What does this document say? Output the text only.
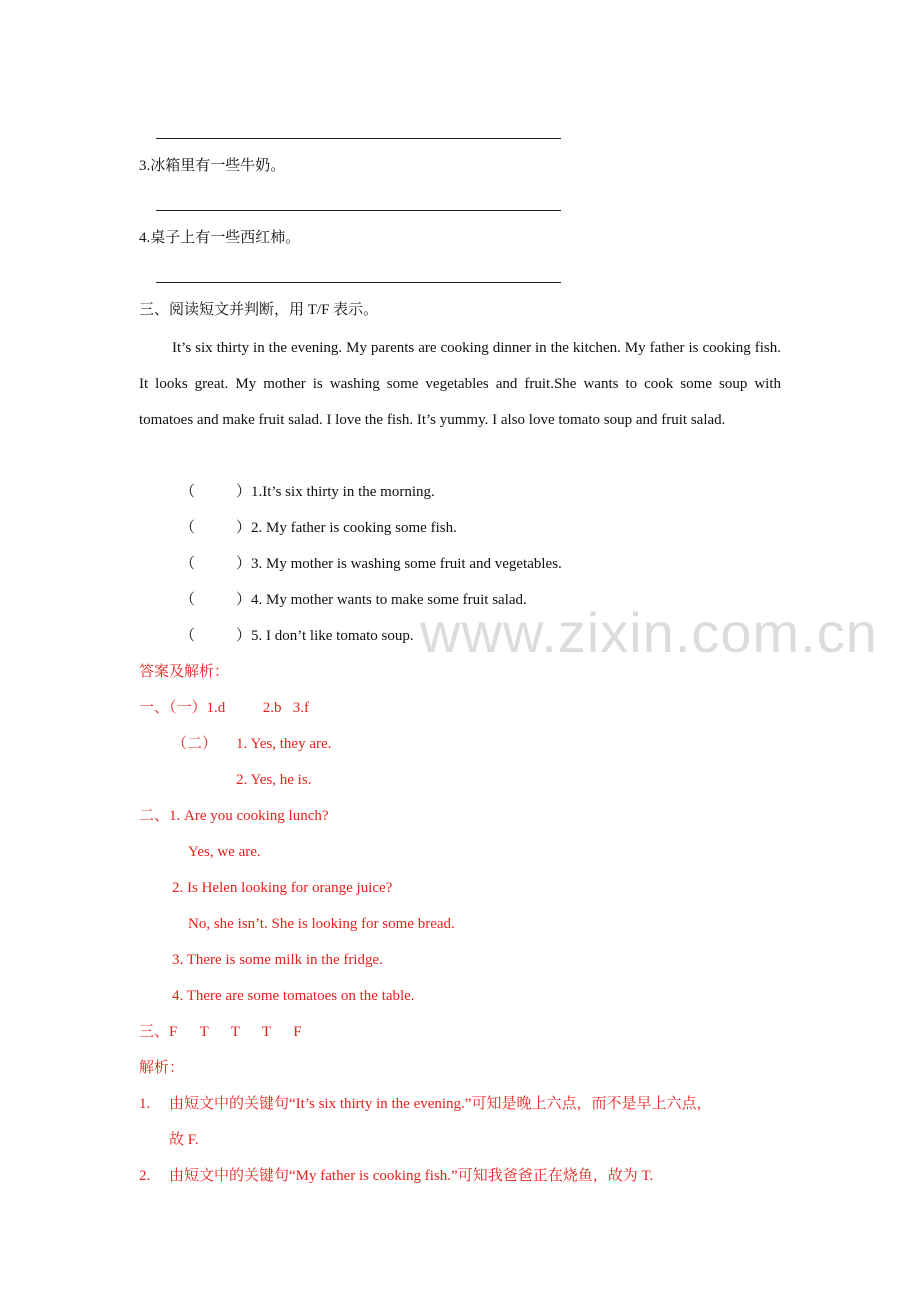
3.冰箱里有一些牛奶。
4.桌子上有一些西红柿。
三、阅读短文并判断，用 T/F 表示。
It’s six thirty in the evening. My parents are cooking dinner in the kitchen. My father is cooking fish. It looks great. My mother is washing some vegetables and fruit.She wants to cook some soup with tomatoes and make fruit salad. I love the fish. It’s yummy. I also love tomato soup and fruit salad.
（	）1.It’s six thirty in the morning.
（	）2. My father is cooking some fish.
（	）3. My mother is washing some fruit and vegetables.
（	）4. My mother wants to make some fruit salad.
（	）5. I don’t like tomato soup. www.zixin.com.cn
答案及解析：
一、（一）1.d          2.b   3.f
（二） 1. Yes, they are.
2. Yes, he is.
二、1. Are you cooking lunch?
Yes, we are.
2. Is Helen looking for orange juice?
No, she isn’t. She is looking for some bread.
3. There is some milk in the fridge.
4. There are some tomatoes on the table.
三、F      T      T      T      F
解析：
1. 由短文中的关键句“It’s six thirty in the evening.”可知是晚上六点，而不是早上六点，
故 F.
2. 由短文中的关键句“My father is cooking fish.”可知我爸爸正在烧鱼，故为 T.
